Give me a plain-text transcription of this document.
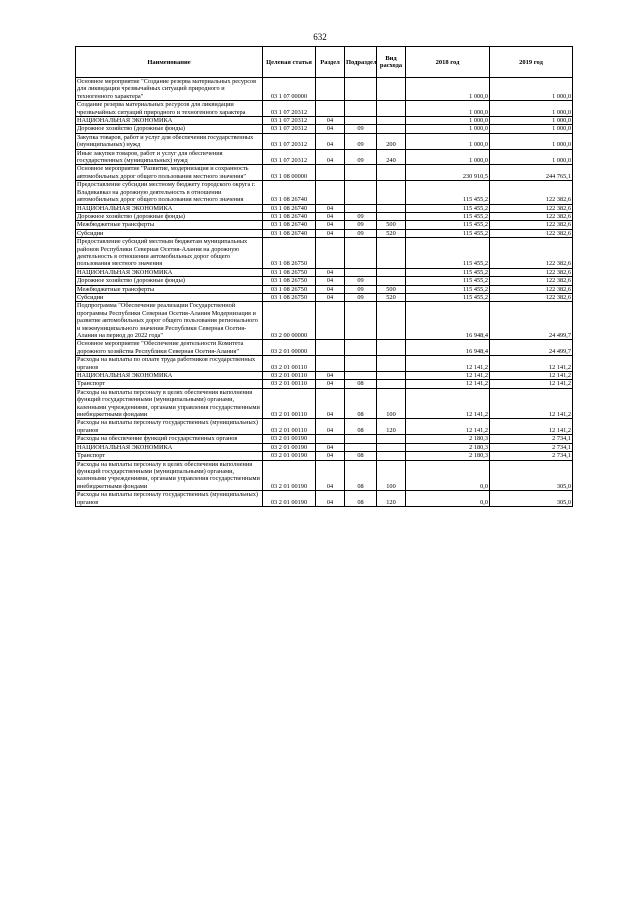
632
Наименование	Целевая статья	Раздел	Подраздел	Вид расхода	2018 год	2019 год
Основное мероприятие "Создание резерва материальных ресурсов для ликвидации чрезвычайных ситуаций природного и техногенного характера"	03 1 07 00000				1 000,0	1 000,0
Создание резерва материальных ресурсов для ликвидации чрезвычайных ситуаций природного и техногенного характера	03 1 07 20312				1 000,0	1 000,0
НАЦИОНАЛЬНАЯ ЭКОНОМИКА	03 1 07 20312	04			1 000,0	1 000,0
Дорожное хозяйство (дорожные фонды)	03 1 07 20312	04	09		1 000,0	1 000,0
Закупка товаров, работ и услуг для обеспечения государственных (муниципальных) нужд	03 1 07 20312	04	09	200	1 000,0	1 000,0
Иные закупки товаров, работ и услуг для обеспечения государственных (муниципальных) нужд	03 1 07 20312	04	09	240	1 000,0	1 000,0
Основное мероприятие "Развитие, модернизация и сохранность автомобильных дорог общего пользования местного значения"	03 1 08 00000				230 910,5	244 765,1
Предоставление субсидии местному бюджету городского округа г. Владикавказ на дорожную деятельность в отношении автомобильных дорог общего пользования местного значения	03 1 08 26740				115 455,2	122 382,6
НАЦИОНАЛЬНАЯ ЭКОНОМИКА	03 1 08 26740	04			115 455,2	122 382,6
Дорожное хозяйство (дорожные фонды)	03 1 08 26740	04	09		115 455,2	122 382,6
Межбюджетные трансферты	03 1 08 26740	04	09	500	115 455,2	122 382,6
Субсидии	03 1 08 26740	04	09	520	115 455,2	122 382,6
Предоставление субсидий местным бюджетам муниципальных районов Республики Северная Осетия-Алания на дорожную деятельность в отношении автомобильных дорог общего пользования местного значения	03 1 08 26750				115 455,2	122 382,6
НАЦИОНАЛЬНАЯ ЭКОНОМИКА	03 1 08 26750	04			115 455,2	122 382,6
Дорожное хозяйство (дорожные фонды)	03 1 08 26750	04	09		115 455,2	122 382,6
Межбюджетные трансферты	03 1 08 26750	04	09	500	115 455,2	122 382,6
Субсидии	03 1 08 26750	04	09	520	115 455,2	122 382,6
Подпрограмма "Обеспечение реализации Государственной программы Республики Северная Осетия-Алания Модернизация и развитие автомобильных дорог общего пользования регионального и межмуниципального значения Республики Северная Осетия-Алания на период до 2022 года"	03 2 00 00000				16 948,4	24 499,7
Основное мероприятие "Обеспечение деятельности Комитета дорожного хозяйства Республики Северная Осетия-Алания"	03 2 01 00000				16 948,4	24 499,7
Расходы на выплаты по оплате труда работников государственных органов	03 2 01 00110				12 141,2	12 141,2
НАЦИОНАЛЬНАЯ ЭКОНОМИКА	03 2 01 00110	04			12 141,2	12 141,2
Транспорт	03 2 01 00110	04	08		12 141,2	12 141,2
Расходы на выплаты персоналу в целях обеспечения выполнения функций государственными (муниципальными) органами, казенными учреждениями, органами управления государственными внебюджетными фондами	03 2 01 00110	04	08	100	12 141,2	12 141,2
Расходы на выплаты персоналу государственных (муниципальных) органов	03 2 01 00110	04	08	120	12 141,2	12 141,2
Расходы на обеспечение функций государственных органов	03 2 01 00190				2 180,3	2 734,1
НАЦИОНАЛЬНАЯ ЭКОНОМИКА	03 2 01 00190	04			2 180,3	2 734,1
Транспорт	03 2 01 00190	04	08		2 180,3	2 734,1
Расходы на выплаты персоналу в целях обеспечения выполнения функций государственными (муниципальными) органами, казенными учреждениями, органами управления государственными внебюджетными фондами	03 2 01 00190	04	08	100	0,0	305,0
Расходы на выплаты персоналу государственных (муниципальных) органов	03 2 01 00190	04	08	120	0,0	305,0
